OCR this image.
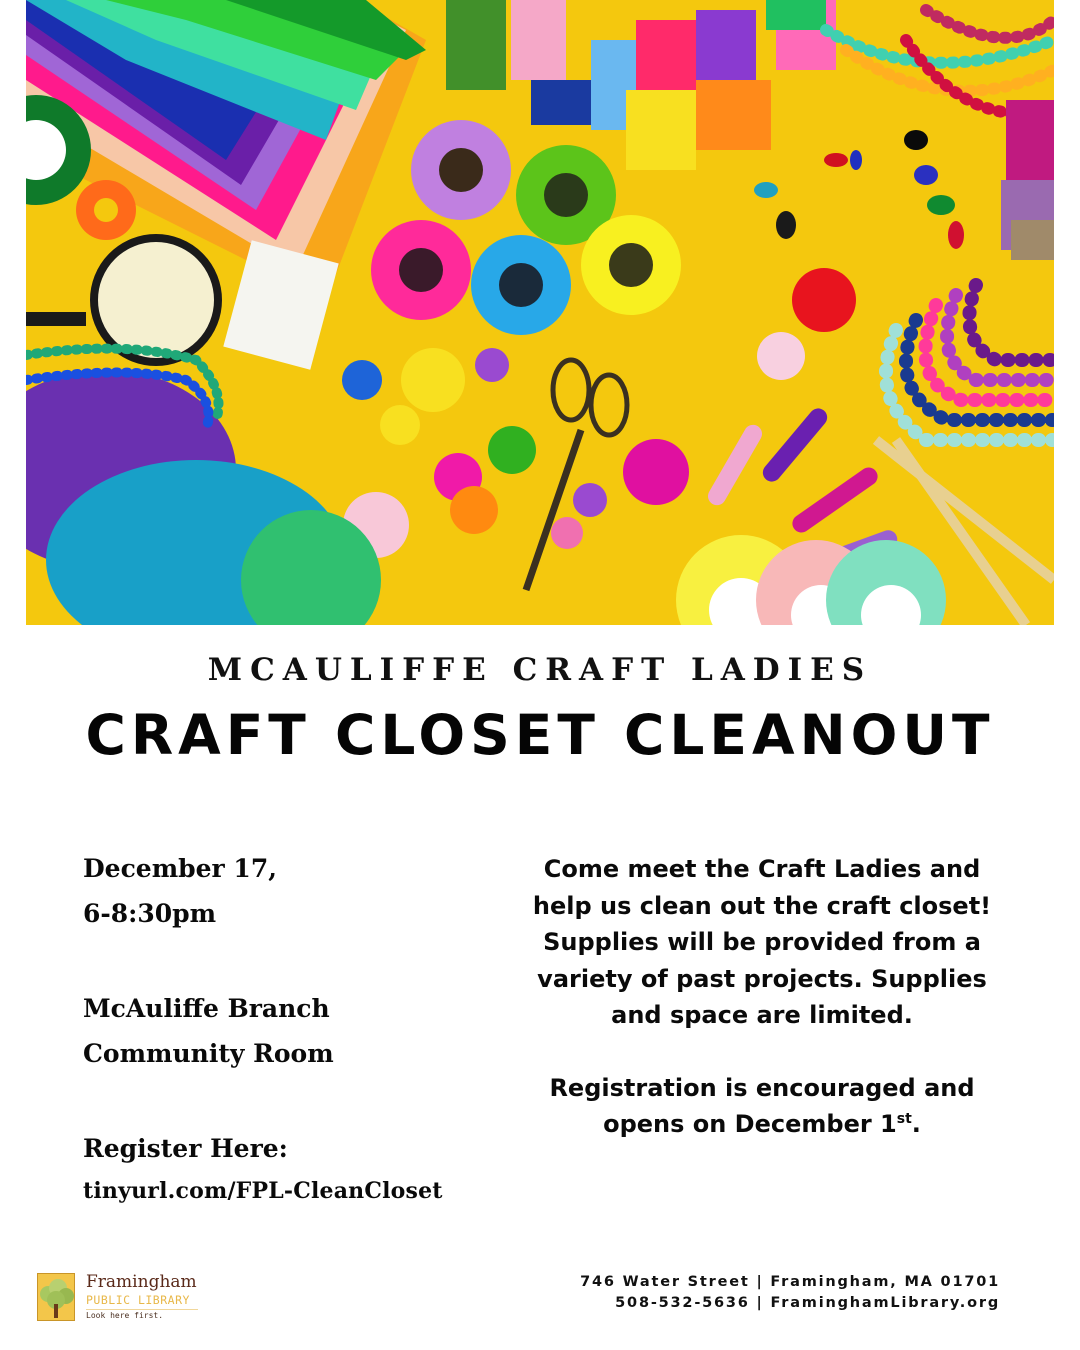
MCAULIFFE CRAFT LADIES
CRAFT CLOSET CLEANOUT
December 17,
6-8:30pm
McAuliffe Branch
Community Room
Register Here:
tinyurl.com/FPL-CleanCloset

Come meet the Craft Ladies and help us clean out the craft closet! Supplies will be provided from a variety of past projects. Supplies and space are limited.

Registration is encouraged and opens on December 1st.

Framingham
PUBLIC LIBRARY
Look here first.
746 Water Street | Framingham, MA 01701
508-532-5636 | FraminghamLibrary.org
